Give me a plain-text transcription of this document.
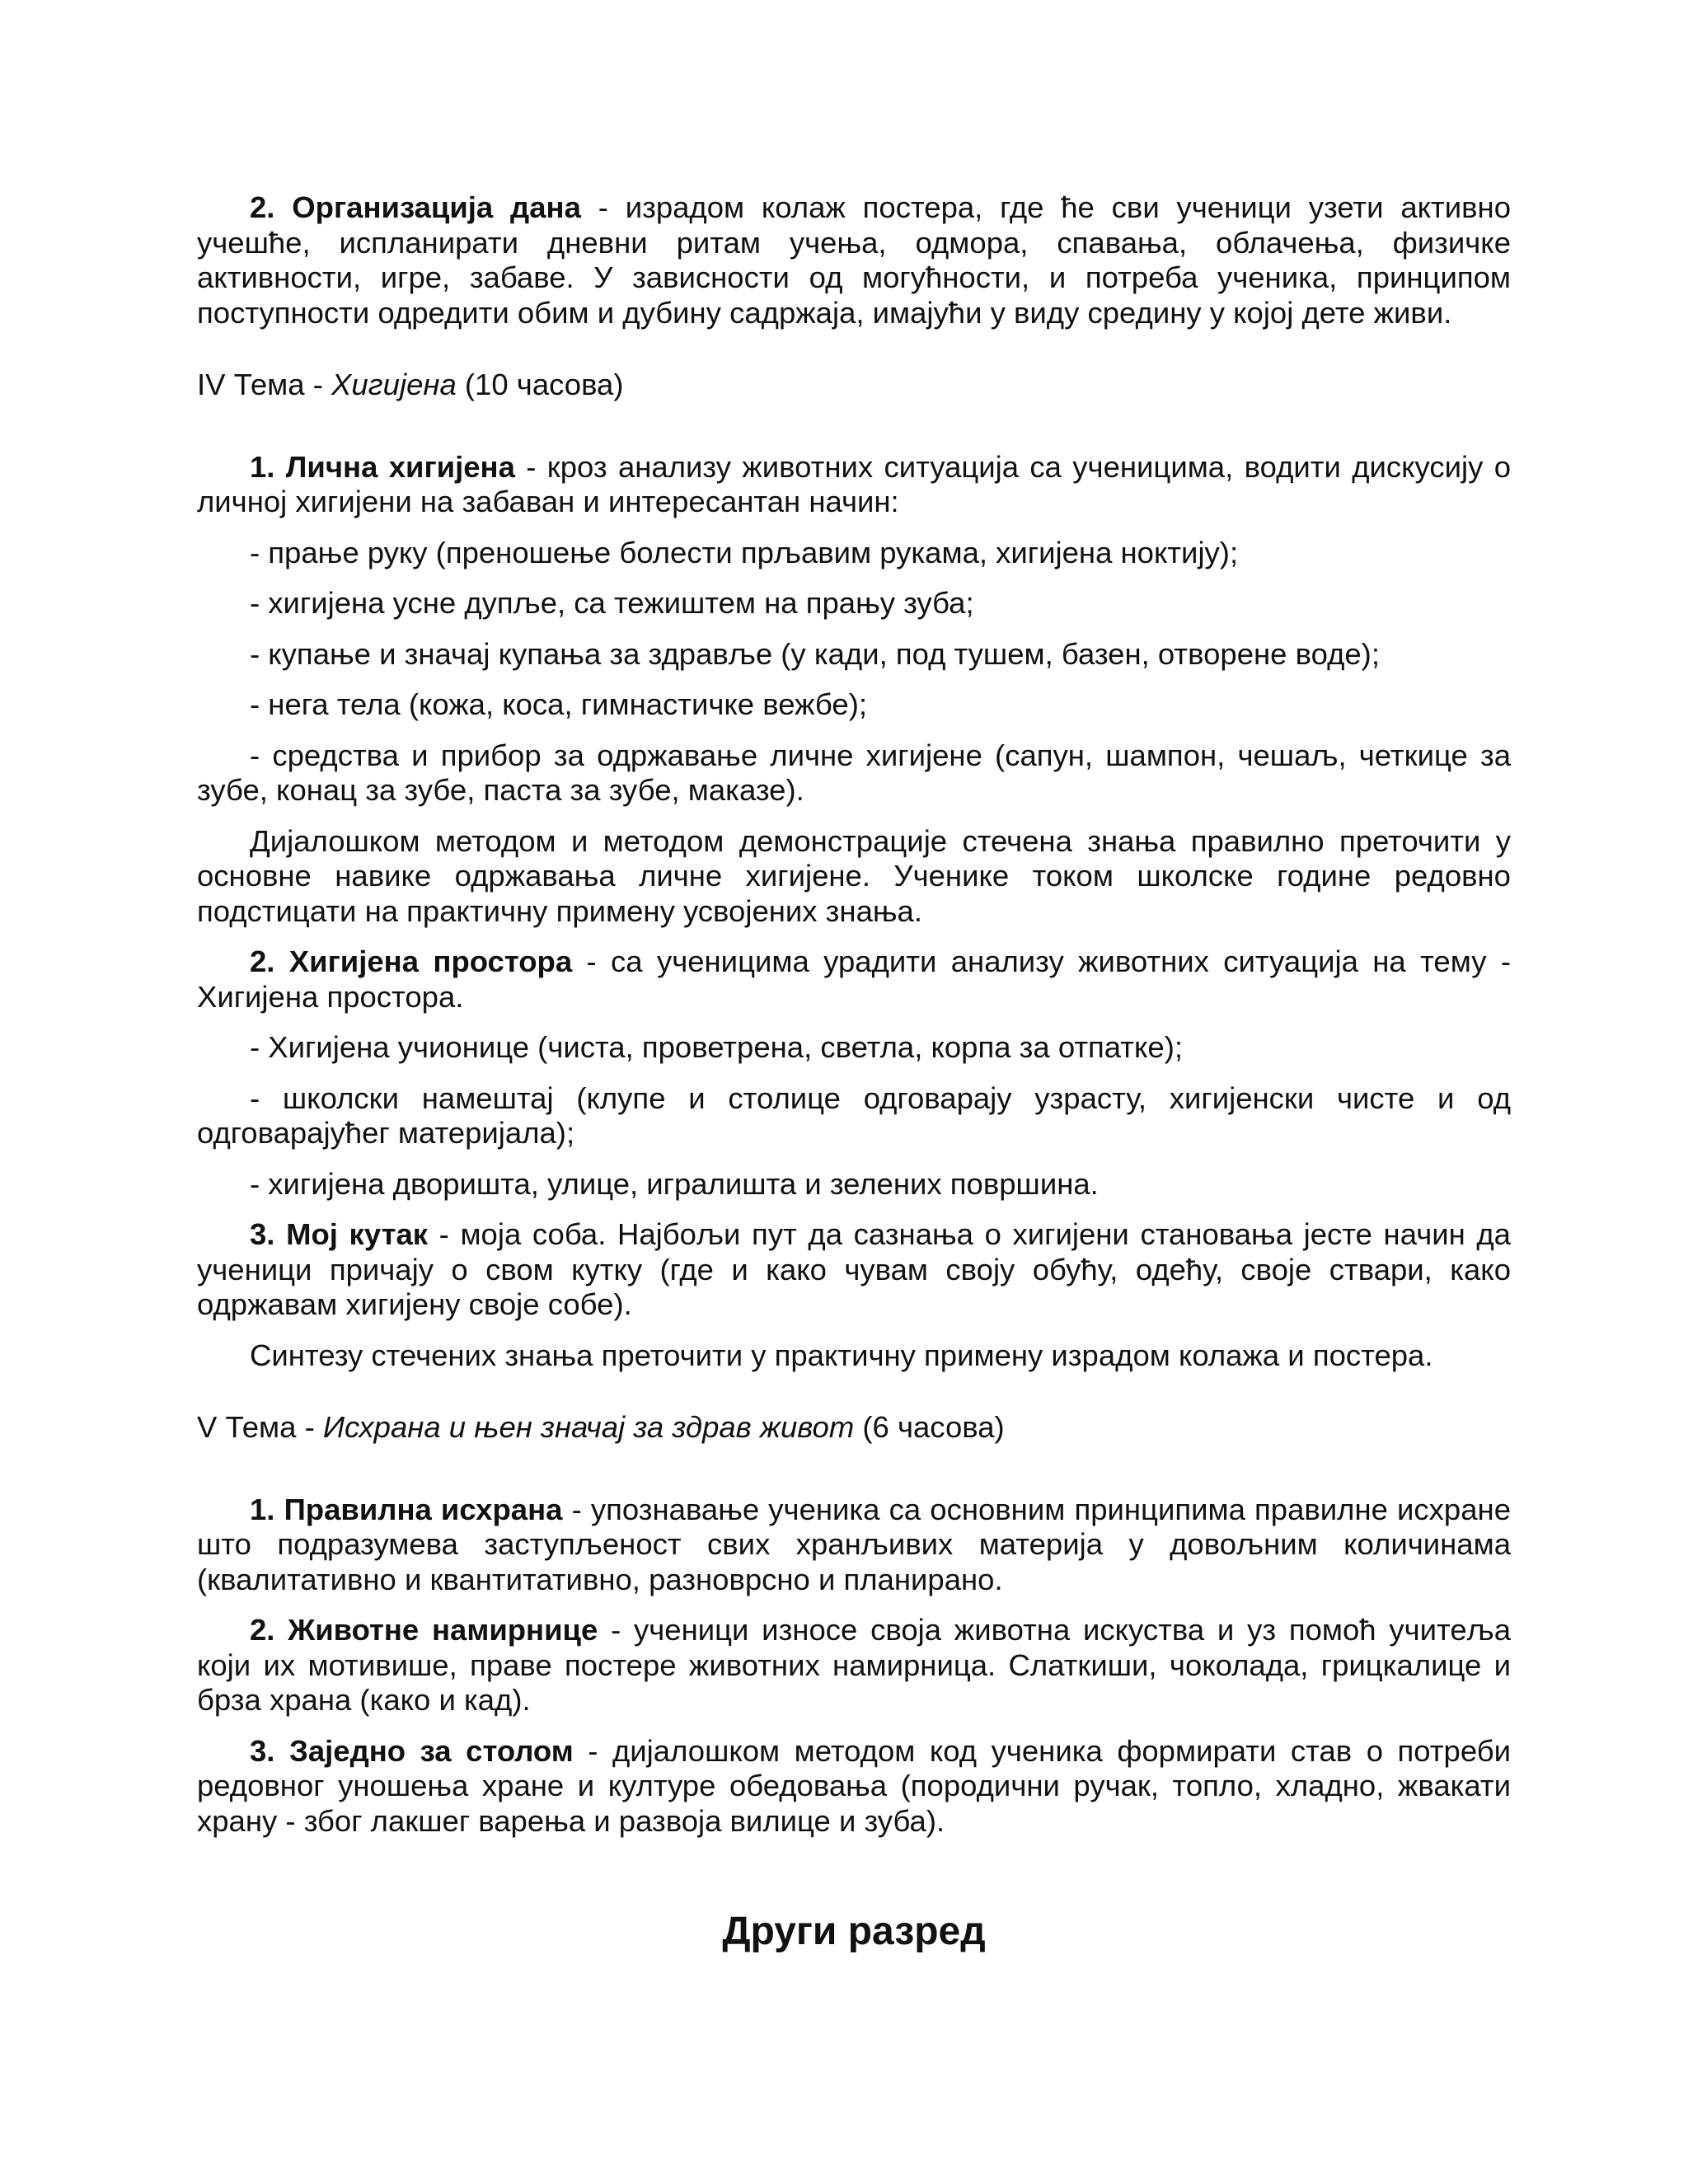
2. Организација дана - израдом колаж постера, где ће сви ученици узети активно учешће, испланирати дневни ритам учења, одмора, спавања, облачења, физичке активности, игре, забаве. У зависности од могућности, и потреба ученика, принципом поступности одредити обим и дубину садржаја, имајући у виду средину у којој дете живи.

IV Тема - Хигијена (10 часова)

1. Лична хигијена - кроз анализу животних ситуација са ученицима, водити дискусију о личној хигијени на забаван и интересантан начин:

- прање руку (преношење болести прљавим рукама, хигијена ноктију);

- хигијена усне дупље, са тежиштем на прању зуба;

- купање и значај купања за здравље (у кади, под тушем, базен, отворене воде);

- нега тела (кожа, коса, гимнастичке вежбе);

- средства и прибор за одржавање личне хигијене (сапун, шампон, чешаљ, четкице за зубе, конац за зубе, паста за зубе, маказе).

Дијалошком методом и методом демонстрације стечена знања правилно преточити у основне навике одржавања личне хигијене. Ученике током школске године редовно подстицати на практичну примену усвојених знања.

2. Хигијена простора - са ученицима урадити анализу животних ситуација на тему - Хигијена простора.

- Хигијена учионице (чиста, проветрена, светла, корпа за отпатке);

- школски намештај (клупе и столице одговарају узрасту, хигијенски чисте и од одговарајућег материјала);

- хигијена дворишта, улице, игралишта и зелених површина.

3. Мој кутак - моја соба. Најбољи пут да сазнања о хигијени становања јесте начин да ученици причају о свом кутку (где и како чувам своју обућу, одећу, своје ствари, како одржавам хигијену своје собе).

Синтезу стечених знања преточити у практичну примену израдом колажа и постера.

V Тема - Исхрана и њен значај за здрав живот (6 часова)

1. Правилна исхрана - упознавање ученика са основним принципима правилне исхране што подразумева заступљеност свих хранљивих материја у довољним количинама (квалитативно и квантитативно, разноврсно и планирано.

2. Животне намирнице - ученици износе своја животна искуства и уз помоћ учитеља који их мотивише, праве постере животних намирница. Слаткиши, чоколада, грицкалице и брза храна (како и кад).

3. Заједно за столом - дијалошком методом код ученика формирати став о потреби редовног уношења хране и културе обедовања (породични ручак, топло, хладно, жвакати храну - због лакшег варења и развоја вилице и зуба).

Други разред
